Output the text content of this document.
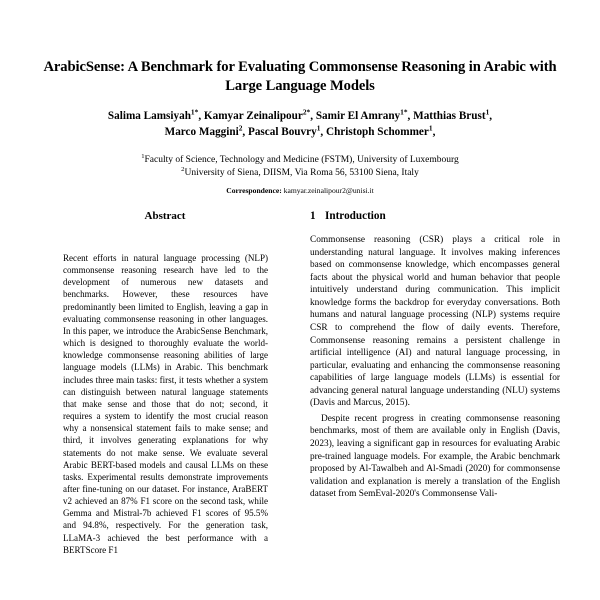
ArabicSense: A Benchmark for Evaluating Commonsense Reasoning in Arabic with Large Language Models
Salima Lamsiyah$^{1*}$, Kamyar Zeinalipour$^{2*}$, Samir El Amrany$^{1*}$, Matthias Brust$^1$,
Marco Maggini$^2$, Pascal Bouvry$^1$, Christoph Schommer$^1$,
$^1$Faculty of Science, Technology and Medicine (FSTM), University of Luxembourg
$^2$University of Siena, DIISM, Via Roma 56, 53100 Siena, Italy
Correspondence: kamyar.zeinalipour2@unisi.it
Abstract
Recent efforts in natural language processing (NLP) commonsense reasoning research have led to the development of numerous new datasets and benchmarks. However, these resources have predominantly been limited to English, leaving a gap in evaluating commonsense reasoning in other languages. In this paper, we introduce the ArabicSense Benchmark, which is designed to thoroughly evaluate the world-knowledge commonsense reasoning abilities of large language models (LLMs) in Arabic. This benchmark includes three main tasks: first, it tests whether a system can distinguish between natural language statements that make sense and those that do not; second, it requires a system to identify the most crucial reason why a nonsensical statement fails to make sense; and third, it involves generating explanations for why statements do not make sense. We evaluate several Arabic BERT-based models and causal LLMs on these tasks. Experimental results demonstrate improvements after fine-tuning on our dataset. For instance, AraBERT v2 achieved an 87% F1 score on the second task, while Gemma and Mistral-7b achieved F1 scores of 95.5% and 94.8%, respectively. For the generation task, LLaMA-3 achieved the best performance with a BERTScore F1
1 Introduction

Commonsense reasoning (CSR) plays a critical role in understanding natural language. It involves making inferences based on commonsense knowledge, which encompasses general facts about the physical world and human behavior that people intuitively understand during communication. This implicit knowledge forms the backdrop for everyday conversations. Both humans and natural language processing (NLP) systems require CSR to comprehend the flow of daily events. Therefore, Commonsense reasoning remains a persistent challenge in artificial intelligence (AI) and natural language processing, in particular, evaluating and enhancing the commonsense reasoning capabilities of large language models (LLMs) is essential for advancing general natural language understanding (NLU) systems (Davis and Marcus, 2015).

Despite recent progress in creating commonsense reasoning benchmarks, most of them are available only in English (Davis, 2023), leaving a significant gap in resources for evaluating Arabic pre-trained language models. For example, the Arabic benchmark proposed by Al-Tawalbeh and Al-Smadi (2020) for commonsense validation and explanation is merely a translation of the English dataset from SemEval-2020's Commonsense Vali-
